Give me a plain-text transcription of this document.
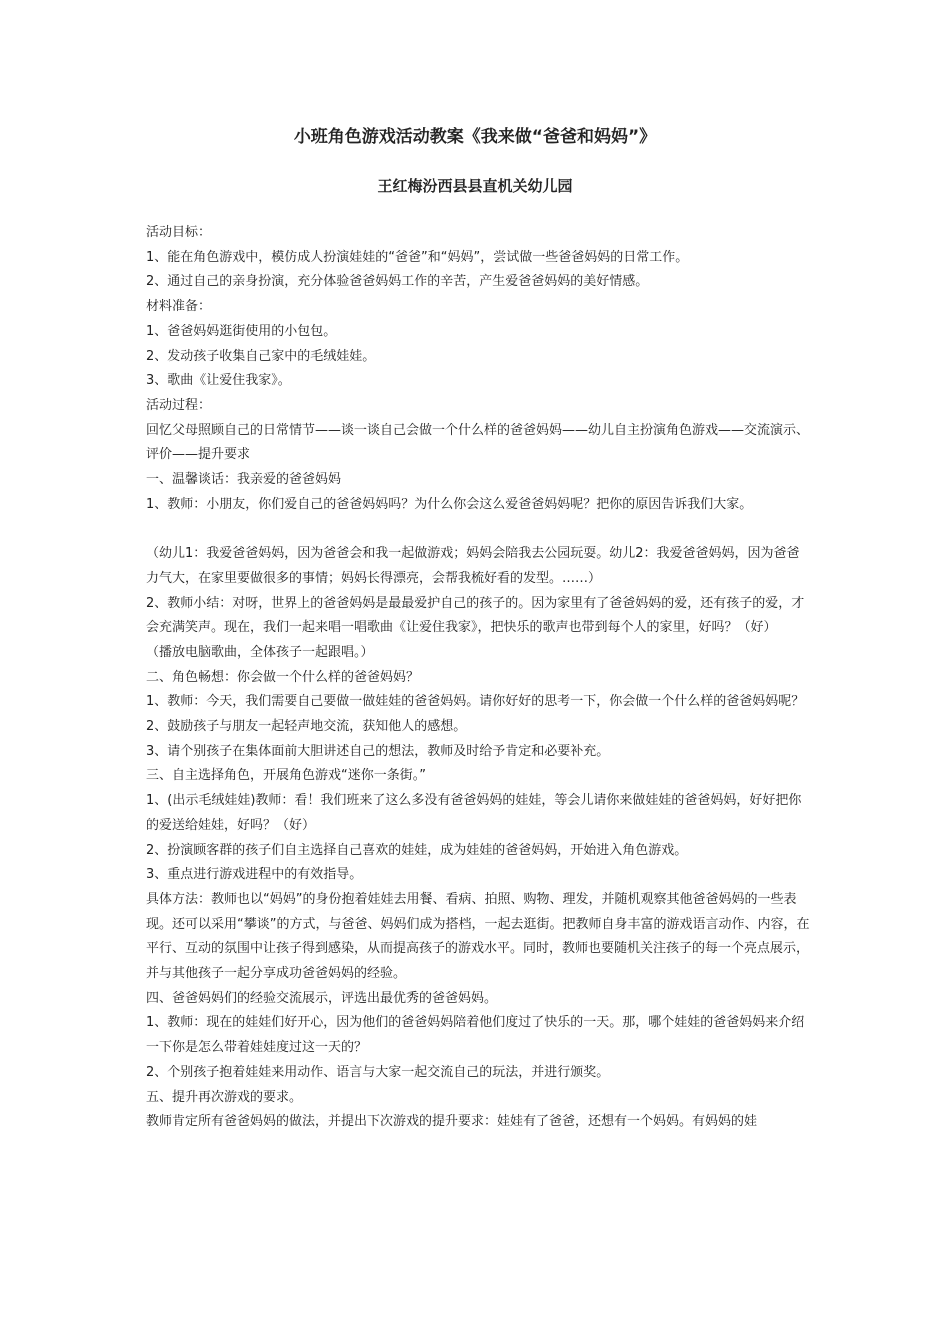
小班角色游戏活动教案《我来做“爸爸和妈妈”》
王红梅汾西县县直机关幼儿园

活动目标：

1、能在角色游戏中，模仿成人扮演娃娃的“爸爸”和“妈妈”，尝试做一些爸爸妈妈的日常工作。

2、通过自己的亲身扮演，充分体验爸爸妈妈工作的辛苦，产生爱爸爸妈妈的美好情感。

材料准备：

1、爸爸妈妈逛街使用的小包包。

2、发动孩子收集自己家中的毛绒娃娃。

3、歌曲《让爱住我家》。

活动过程：

回忆父母照顾自己的日常情节——谈一谈自己会做一个什么样的爸爸妈妈——幼儿自主扮演角色游戏——交流演示、评价——提升要求

一、温馨谈话：我亲爱的爸爸妈妈

1、教师：小朋友，你们爱自己的爸爸妈妈吗？为什么你会这么爱爸爸妈妈呢？把你的原因告诉我们大家。

（幼儿1：我爱爸爸妈妈，因为爸爸会和我一起做游戏；妈妈会陪我去公园玩耍。幼儿2：我爱爸爸妈妈，因为爸爸力气大，在家里要做很多的事情；妈妈长得漂亮，会帮我梳好看的发型。……）

2、教师小结：对呀，世界上的爸爸妈妈是最最爱护自己的孩子的。因为家里有了爸爸妈妈的爱，还有孩子的爱，才会充满笑声。现在，我们一起来唱一唱歌曲《让爱住我家》，把快乐的歌声也带到每个人的家里，好吗？（好）

（播放电脑歌曲，全体孩子一起跟唱。）

二、角色畅想：你会做一个什么样的爸爸妈妈？

1、教师：今天，我们需要自己要做一做娃娃的爸爸妈妈。请你好好的思考一下，你会做一个什么样的爸爸妈妈呢？

2、鼓励孩子与朋友一起轻声地交流，获知他人的感想。

3、请个别孩子在集体面前大胆讲述自己的想法，教师及时给予肯定和必要补充。

三、自主选择角色，开展角色游戏“迷你一条街。”

1、(出示毛绒娃娃)教师：看！我们班来了这么多没有爸爸妈妈的娃娃，等会儿请你来做娃娃的爸爸妈妈，好好把你的爱送给娃娃，好吗？（好）

2、扮演顾客群的孩子们自主选择自己喜欢的娃娃，成为娃娃的爸爸妈妈，开始进入角色游戏。

3、重点进行游戏进程中的有效指导。

具体方法：教师也以“妈妈”的身份抱着娃娃去用餐、看病、拍照、购物、理发，并随机观察其他爸爸妈妈的一些表现。还可以采用“攀谈”的方式，与爸爸、妈妈们成为搭档，一起去逛街。把教师自身丰富的游戏语言动作、内容，在平行、互动的氛围中让孩子得到感染，从而提高孩子的游戏水平。同时，教师也要随机关注孩子的每一个亮点展示，并与其他孩子一起分享成功爸爸妈妈的经验。

四、爸爸妈妈们的经验交流展示，评选出最优秀的爸爸妈妈。

1、教师：现在的娃娃们好开心，因为他们的爸爸妈妈陪着他们度过了快乐的一天。那，哪个娃娃的爸爸妈妈来介绍一下你是怎么带着娃娃度过这一天的？

2、个别孩子抱着娃娃来用动作、语言与大家一起交流自己的玩法，并进行颁奖。

五、提升再次游戏的要求。

教师肯定所有爸爸妈妈的做法，并提出下次游戏的提升要求：娃娃有了爸爸，还想有一个妈妈。有妈妈的娃
